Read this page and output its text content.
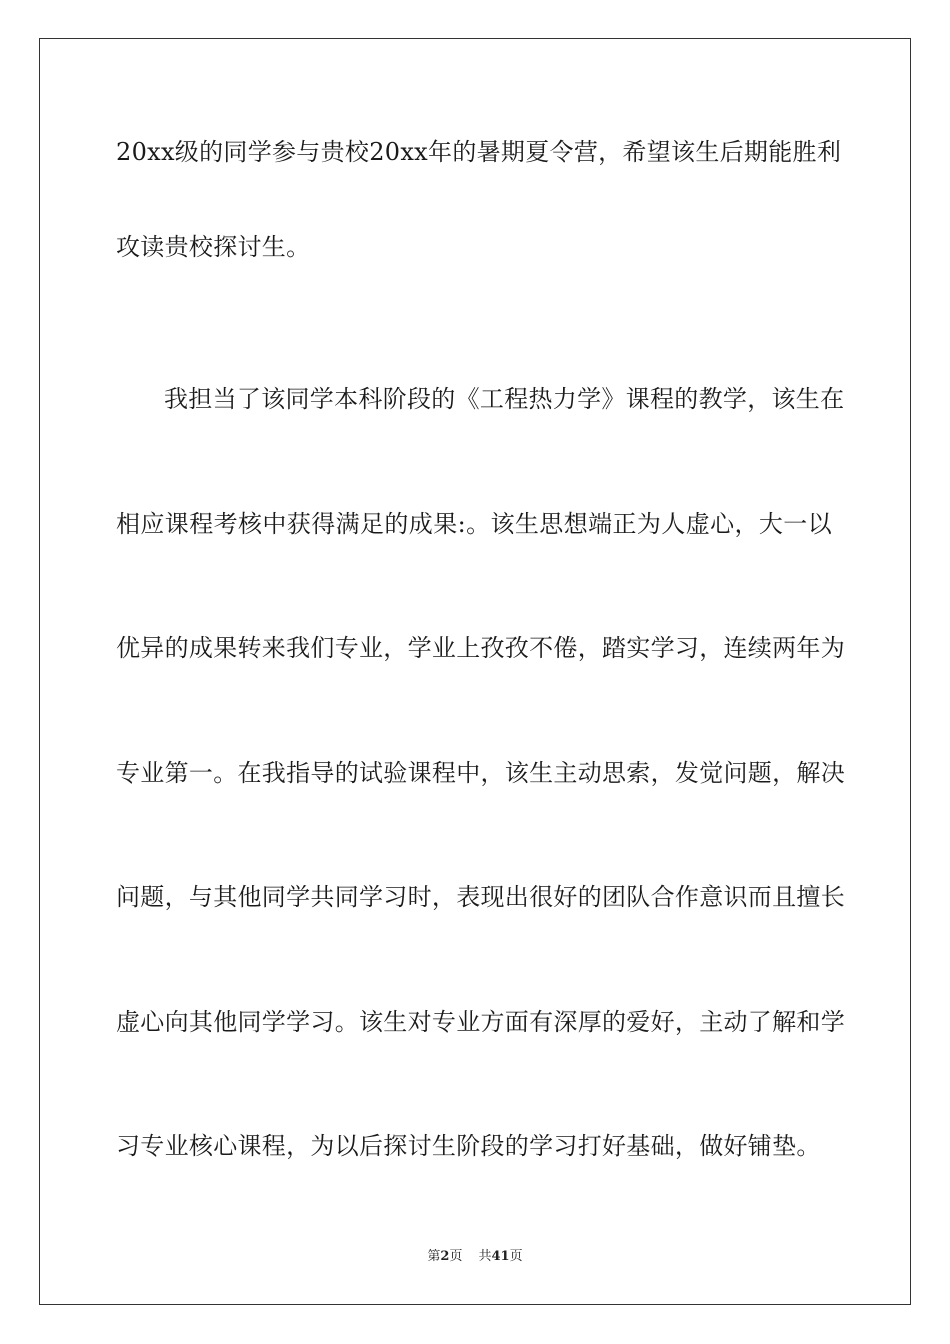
20xx级的同学参与贵校20xx年的暑期夏令营，希望该生后期能胜利
攻读贵校探讨生。
我担当了该同学本科阶段的《工程热力学》课程的教学，该生在
相应课程考核中获得满足的成果:。该生思想端正为人虚心，大一以
优异的成果转来我们专业，学业上孜孜不倦，踏实学习，连续两年为
专业第一。在我指导的试验课程中，该生主动思索，发觉问题，解决
问题，与其他同学共同学习时，表现出很好的团队合作意识而且擅长
虚心向其他同学学习。该生对专业方面有深厚的爱好，主动了解和学
习专业核心课程，为以后探讨生阶段的学习打好基础，做好铺垫。
第2页 共41页
